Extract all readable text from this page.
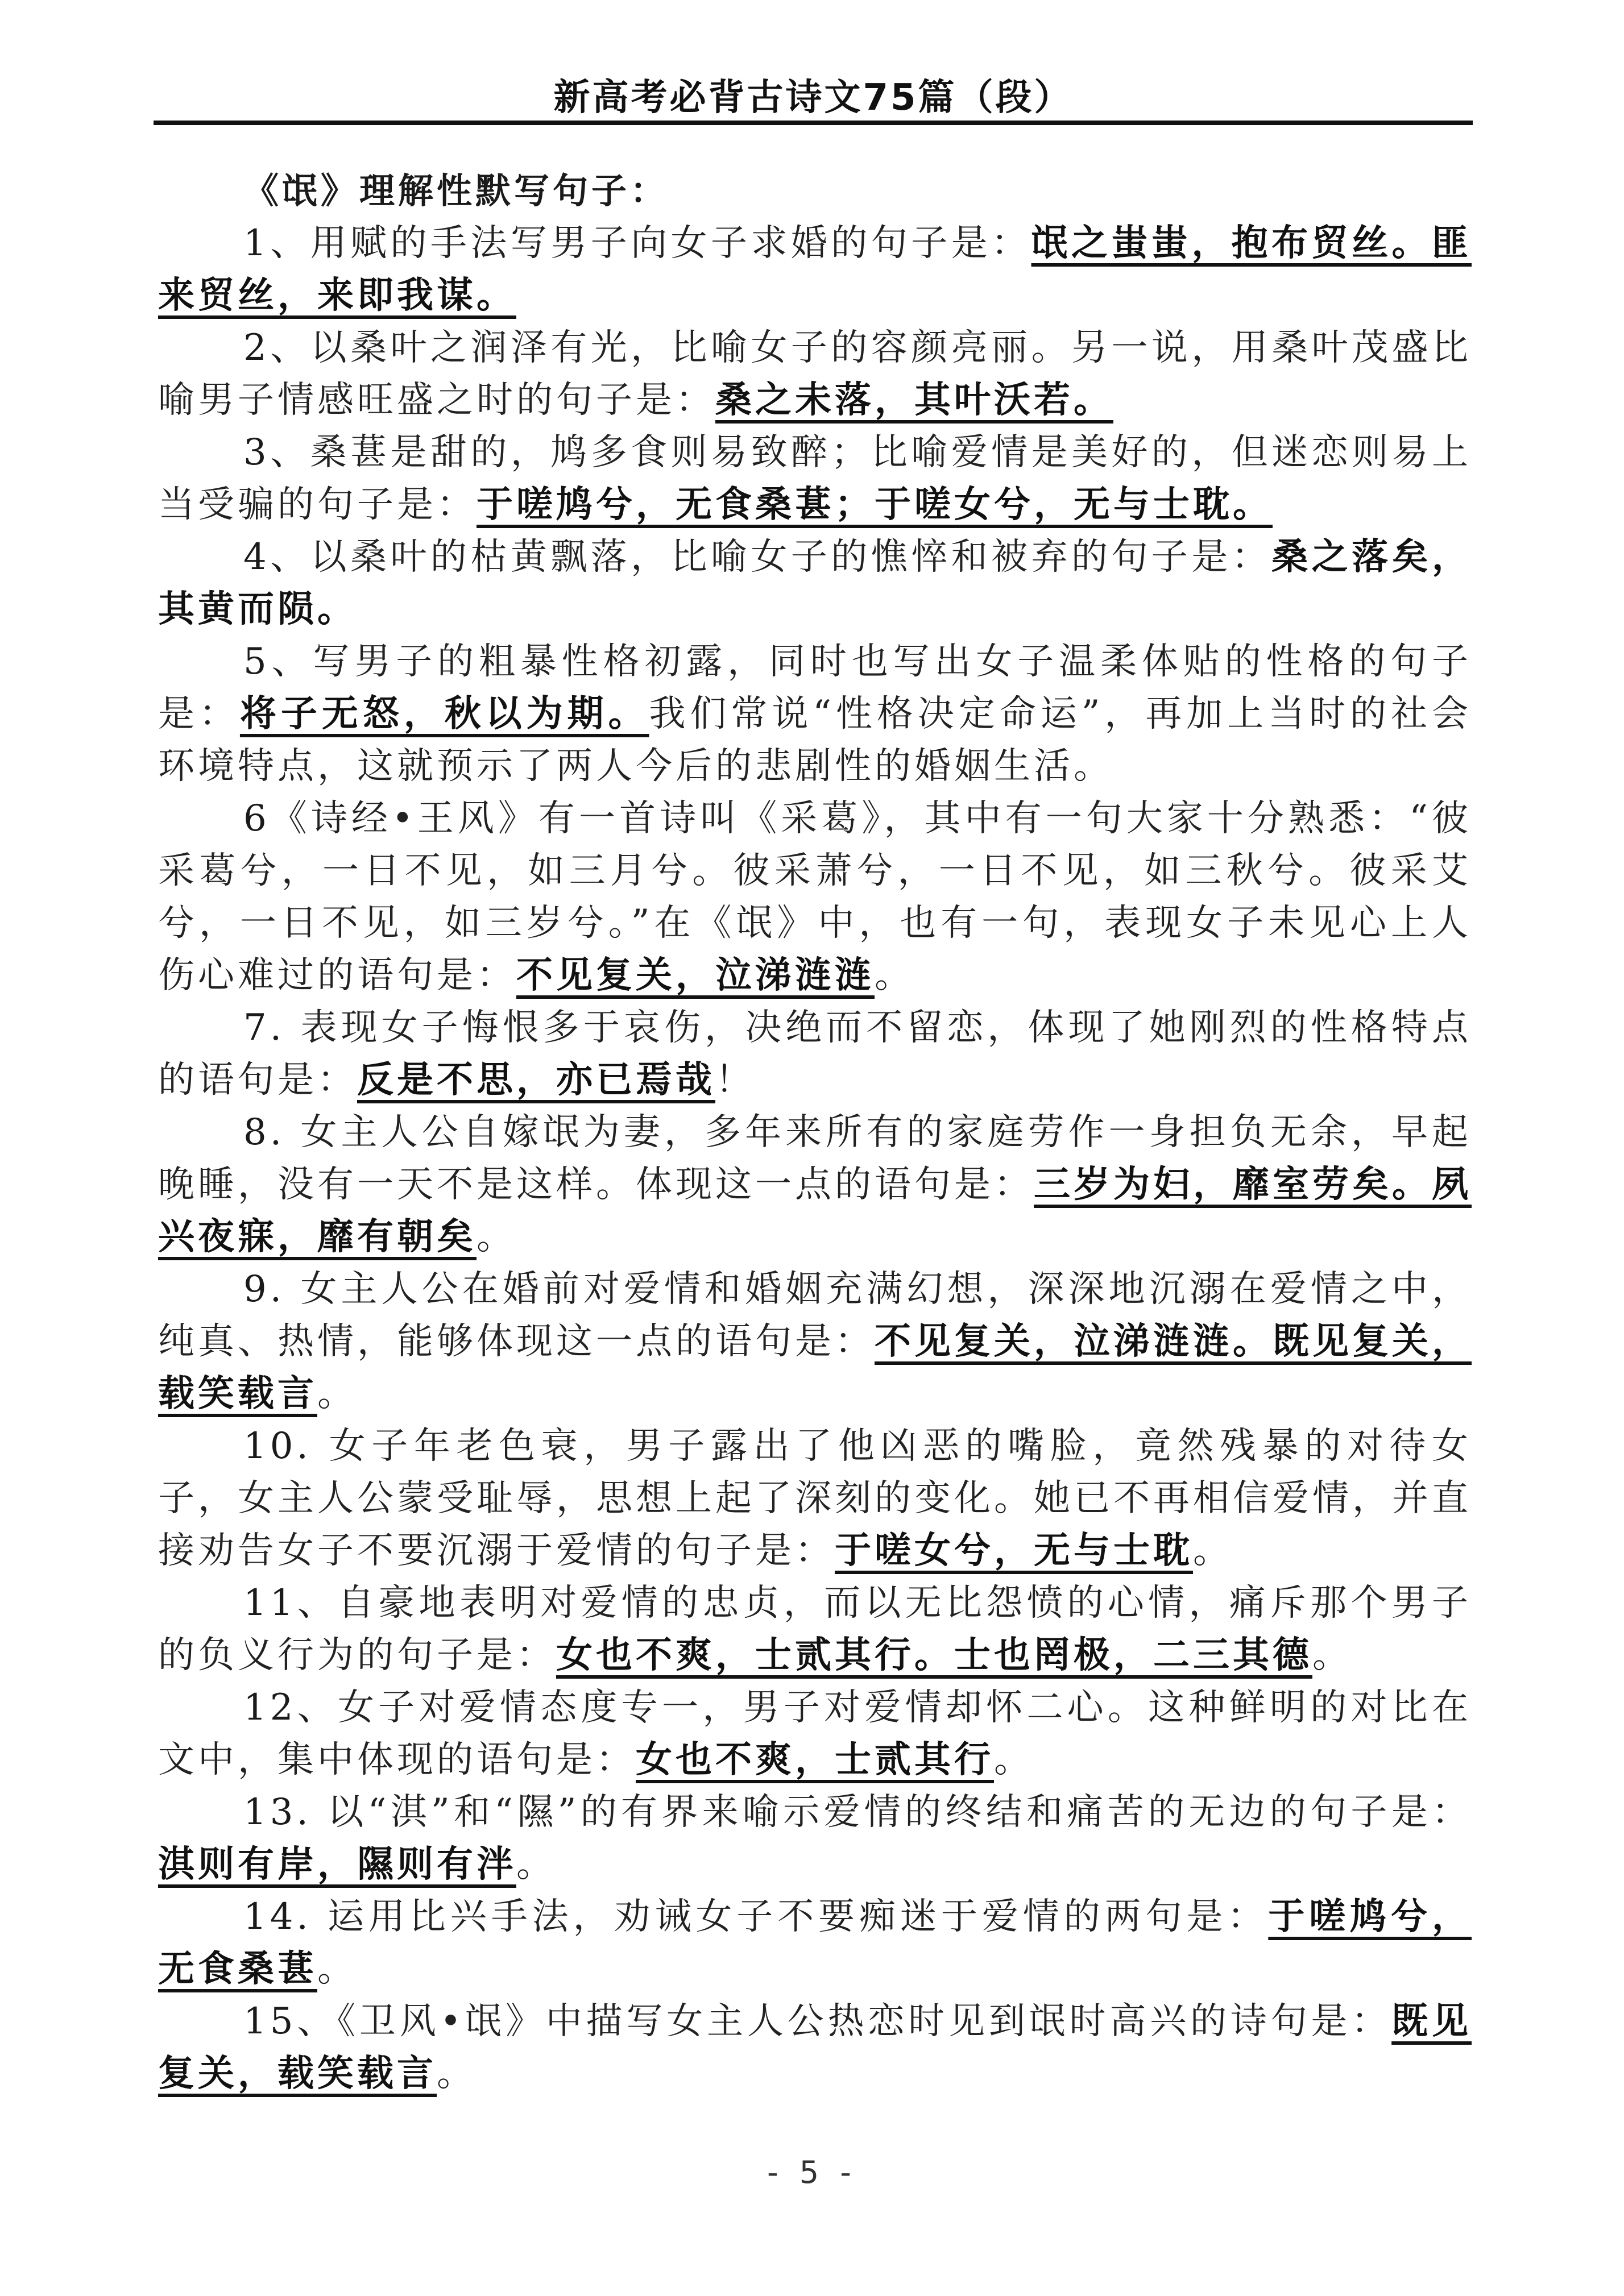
新高考必背古诗文75篇（段）
《氓》理解性默写句子：

1、用赋的手法写男子向女子求婚的句子是：氓之蚩蚩，抱布贸丝。匪来贸丝，来即我谋。

2、以桑叶之润泽有光，比喻女子的容颜亮丽。另一说，用桑叶茂盛比喻男子情感旺盛之时的句子是：桑之未落，其叶沃若。

3、桑葚是甜的，鸠多食则易致醉；比喻爱情是美好的，但迷恋则易上当受骗的句子是：于嗟鸠兮，无食桑葚；于嗟女兮，无与士耽。

4、以桑叶的枯黄飘落，比喻女子的憔悴和被弃的句子是：桑之落矣，其黄而陨。

5、写男子的粗暴性格初露，同时也写出女子温柔体贴的性格的句子是：将子无怒，秋以为期。我们常说“性格决定命运”，再加上当时的社会环境特点，这就预示了两人今后的悲剧性的婚姻生活。

6《诗经•王风》有一首诗叫《采葛》，其中有一句大家十分熟悉：“彼采葛兮，一日不见，如三月兮。彼采萧兮，一日不见，如三秋兮。彼采艾兮，一日不见，如三岁兮。”在《氓》中，也有一句，表现女子未见心上人伤心难过的语句是：不见复关，泣涕涟涟。

7. 表现女子悔恨多于哀伤，决绝而不留恋，体现了她刚烈的性格特点的语句是：反是不思，亦已焉哉！

8. 女主人公自嫁氓为妻，多年来所有的家庭劳作一身担负无余，早起晚睡，没有一天不是这样。体现这一点的语句是：三岁为妇，靡室劳矣。夙兴夜寐，靡有朝矣。

9. 女主人公在婚前对爱情和婚姻充满幻想，深深地沉溺在爱情之中，纯真、热情，能够体现这一点的语句是：不见复关，泣涕涟涟。既见复关，载笑载言。

10. 女子年老色衰，男子露出了他凶恶的嘴脸，竟然残暴的对待女子，女主人公蒙受耻辱，思想上起了深刻的变化。她已不再相信爱情，并直接劝告女子不要沉溺于爱情的句子是：于嗟女兮，无与士耽。

11、自豪地表明对爱情的忠贞，而以无比怨愤的心情，痛斥那个男子的负义行为的句子是：女也不爽，士贰其行。士也罔极，二三其德。

12、女子对爱情态度专一，男子对爱情却怀二心。这种鲜明的对比在文中，集中体现的语句是：女也不爽，士贰其行。

13. 以“淇”和“隰”的有界来喻示爱情的终结和痛苦的无边的句子是：淇则有岸，隰则有泮。

14. 运用比兴手法，劝诫女子不要痴迷于爱情的两句是：于嗟鸠兮，无食桑葚。

15、《卫风•氓》中描写女主人公热恋时见到氓时高兴的诗句是：既见复关，载笑载言。

- 5 -
